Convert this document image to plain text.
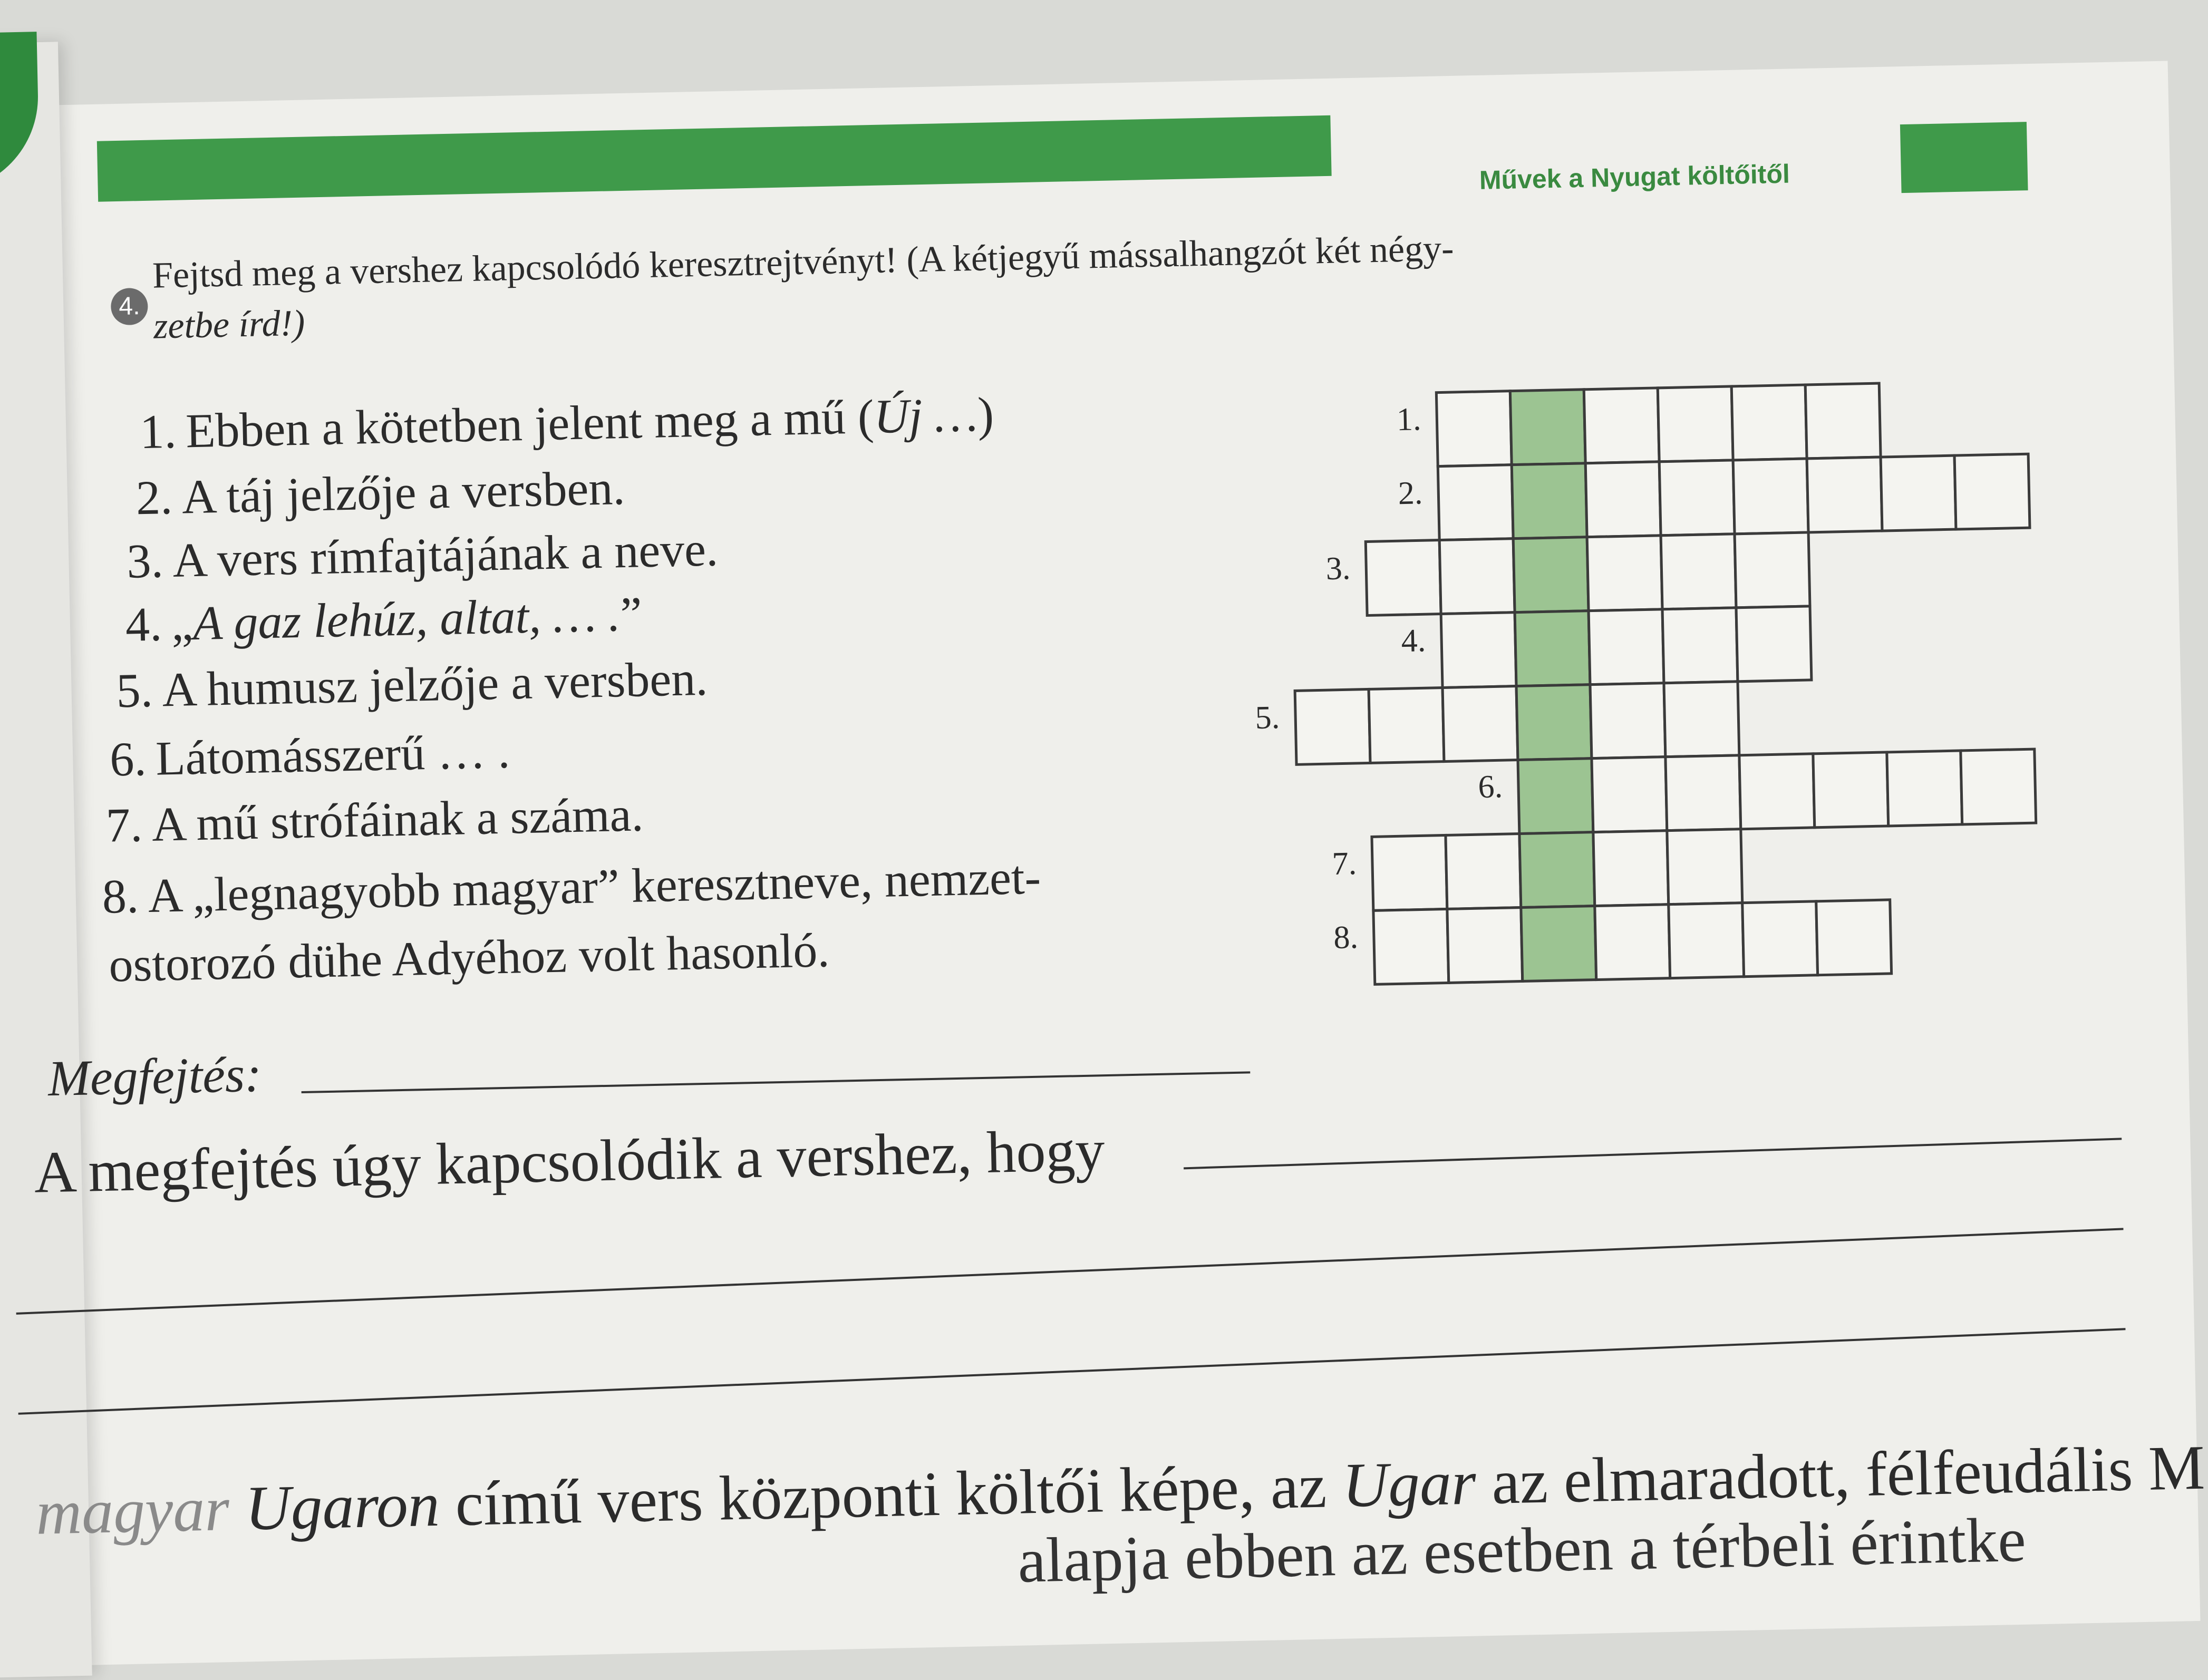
Művek a Nyugat költőitől
4.
Fejtsd meg a vershez kapcsolódó keresztrejtvényt! (A kétjegyű mássalhangzót két négy-
zetbe írd!)
1. Ebben a kötetben jelent meg a mű (Új …)
2. A táj jelzője a versben.
3. A vers rímfajtájának a neve.
4. „A gaz lehúz, altat, … .”
5. A humusz jelzője a versben.
6. Látomásszerű … .
7. A mű strófáinak a száma.
8. A „legnagyobb magyar” keresztneve, nemzet-
ostorozó dühe Adyéhoz volt hasonló.
1.
2.
3.
4.
5.
6.
7.
8.
Megfejtés:
A megfejtés úgy kapcsolódik a vershez, hogy
magyar Ugaron című vers központi költői képe, az Ugar az elmaradott, félfeudális M
alapja ebben az esetben a térbeli érintke
